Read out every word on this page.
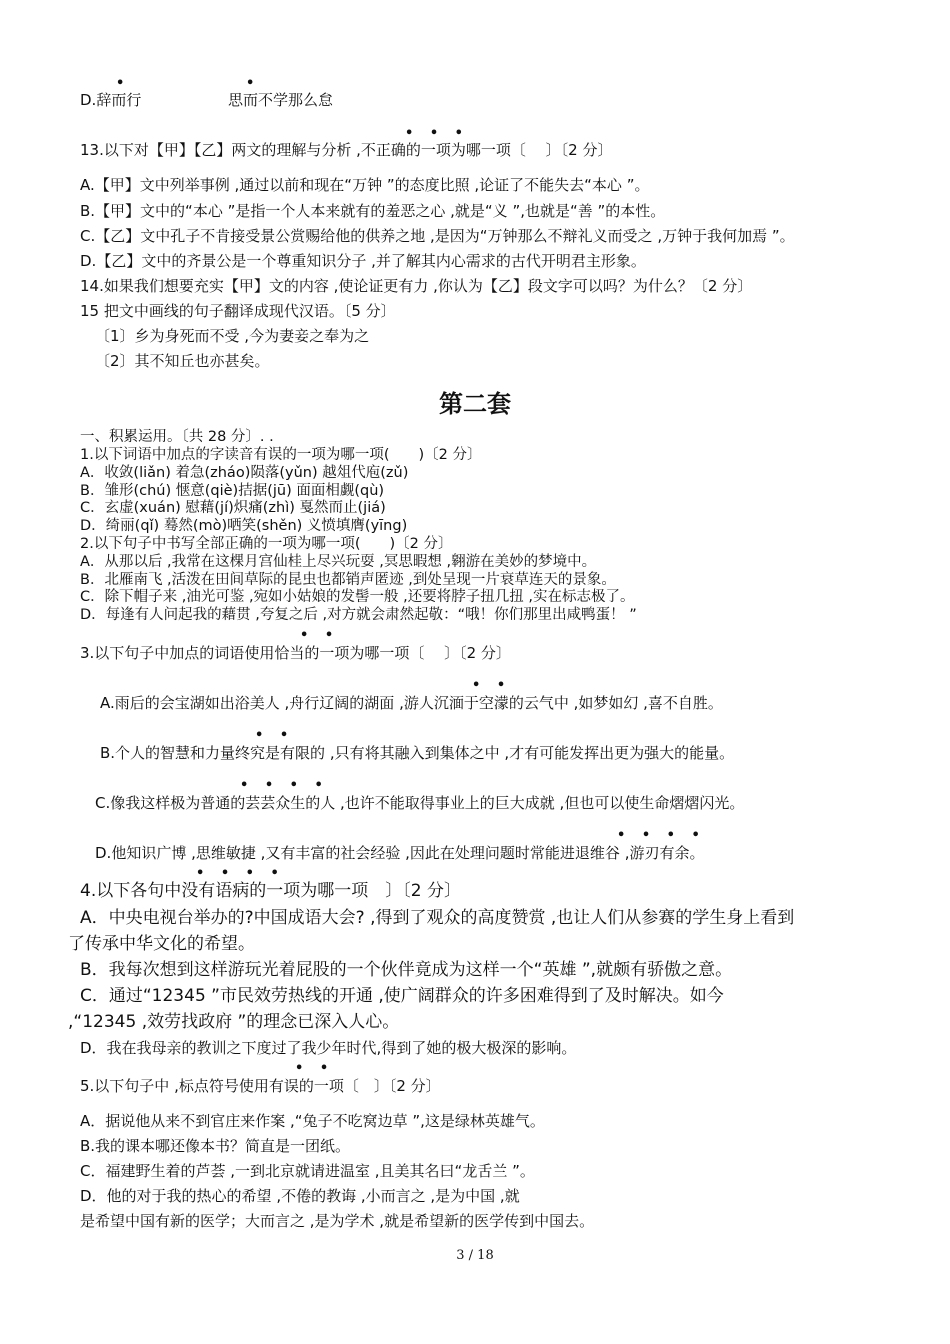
•	•
D.辞而行	思而不学那么怠
• • •
13.以下对【甲】【乙】两文的理解与分析 ,不正确的一项为哪一项〔　 〕〔2 分〕
A.【甲】文中列举事例 ,通过以前和现在“万钟 ”的态度比照 ,论证了不能失去“本心 ”。
B.【甲】文中的“本心 ”是指一个人本来就有的羞恶之心 ,就是“义 ”,也就是“善 ”的本性。
C.【乙】文中孔子不肯接受景公赏赐给他的供养之地 ,是因为“万钟那么不辩礼义而受之 ,万钟于我何加焉 ”。
D.【乙】文中的齐景公是一个尊重知识分子 ,并了解其内心需求的古代开明君主形象。
14.如果我们想要充实【甲】文的内容 ,使论证更有力 ,你认为【乙】段文字可以吗？为什么？〔2 分〕
15 把文中画线的句子翻译成现代汉语。〔5 分〕
〔1〕乡为身死而不受 ,今为妻妾之奉为之
〔2〕其不知丘也亦甚矣。
第二套
一、积累运用。〔共 28 分〕. .
1.以下词语中加点的字读音有误的一项为哪一项(　　)〔2 分〕
A．收敛(liǎn) 着急(zháo)陨落(yǔn) 越俎代庖(zǔ)
B．雏形(chú) 惬意(qiè)拮据(jū) 面面相觑(qù)
C．玄虚(xuán) 慰藉(jí)炽痛(zhì) 戛然而止(jiá)
D．绮丽(qǐ) 蓦然(mò)哂笑(shěn) 义愤填膺(yīng)
2.以下句子中书写全部正确的一项为哪一项(　　)〔2 分〕
A．从那以后 ,我常在这棵月宫仙桂上尽兴玩耍 ,冥思暇想 ,翱游在美妙的梦境中。
B．北雁南飞 ,活泼在田间草际的昆虫也都销声匿迹 ,到处呈现一片衰草连天的景象。
C．除下帽子来 ,油光可鉴 ,宛如小姑娘的发髻一般 ,还要将脖子扭几扭 ,实在标志极了。
D．每逢有人问起我的藉贯 ,夸复之后 ,对方就会肃然起敬：“哦！你们那里出咸鸭蛋！ ”
• •
3.以下句子中加点的词语使用恰当的一项为哪一项〔　 〕〔2 分〕
• •
A.雨后的会宝湖如出浴美人 ,舟行辽阔的湖面 ,游人沉湎于空濛的云气中 ,如梦如幻 ,喜不自胜。
• •
B.个人的智慧和力量终究是有限的 ,只有将其融入到集体之中 ,才有可能发挥出更为强大的能量。
• • • •
C.像我这样极为普通的芸芸众生的人 ,也许不能取得事业上的巨大成就 ,但也可以使生命熠熠闪光。
• • • •
D.他知识广博 ,思维敏捷 ,又有丰富的社会经验 ,因此在处理问题时常能进退维谷 ,游刃有余。
• • • •
4.以下各句中没有语病的一项为哪一项　〕〔2 分〕
A．中央电视台举办的?中国成语大会? ,得到了观众的高度赞赏 ,也让人们从参赛的学生身上看到
了传承中华文化的希望。
B．我每次想到这样游玩光着屁股的一个伙伴竟成为这样一个“英雄 ”,就颇有骄傲之意。
C．通过“12345 ”市民效劳热线的开通 ,使广阔群众的许多困难得到了及时解决。如今
,“12345 ,效劳找政府 ”的理念已深入人心。
D．我在我母亲的教训之下度过了我少年时代,得到了她的极大极深的影响。
• •
5.以下句子中 ,标点符号使用有误的一项〔　〕〔2 分〕
A．据说他从来不到官庄来作案 ,“兔子不吃窝边草 ”,这是绿林英雄气。
B.我的课本哪还像本书？简直是一团纸。
C．福建野生着的芦荟 ,一到北京就请进温室 ,且美其名曰“龙舌兰 ”。
D．他的对于我的热心的希望 ,不倦的教诲 ,小而言之 ,是为中国 ,就
是希望中国有新的医学；大而言之 ,是为学术 ,就是希望新的医学传到中国去。
3 / 18
